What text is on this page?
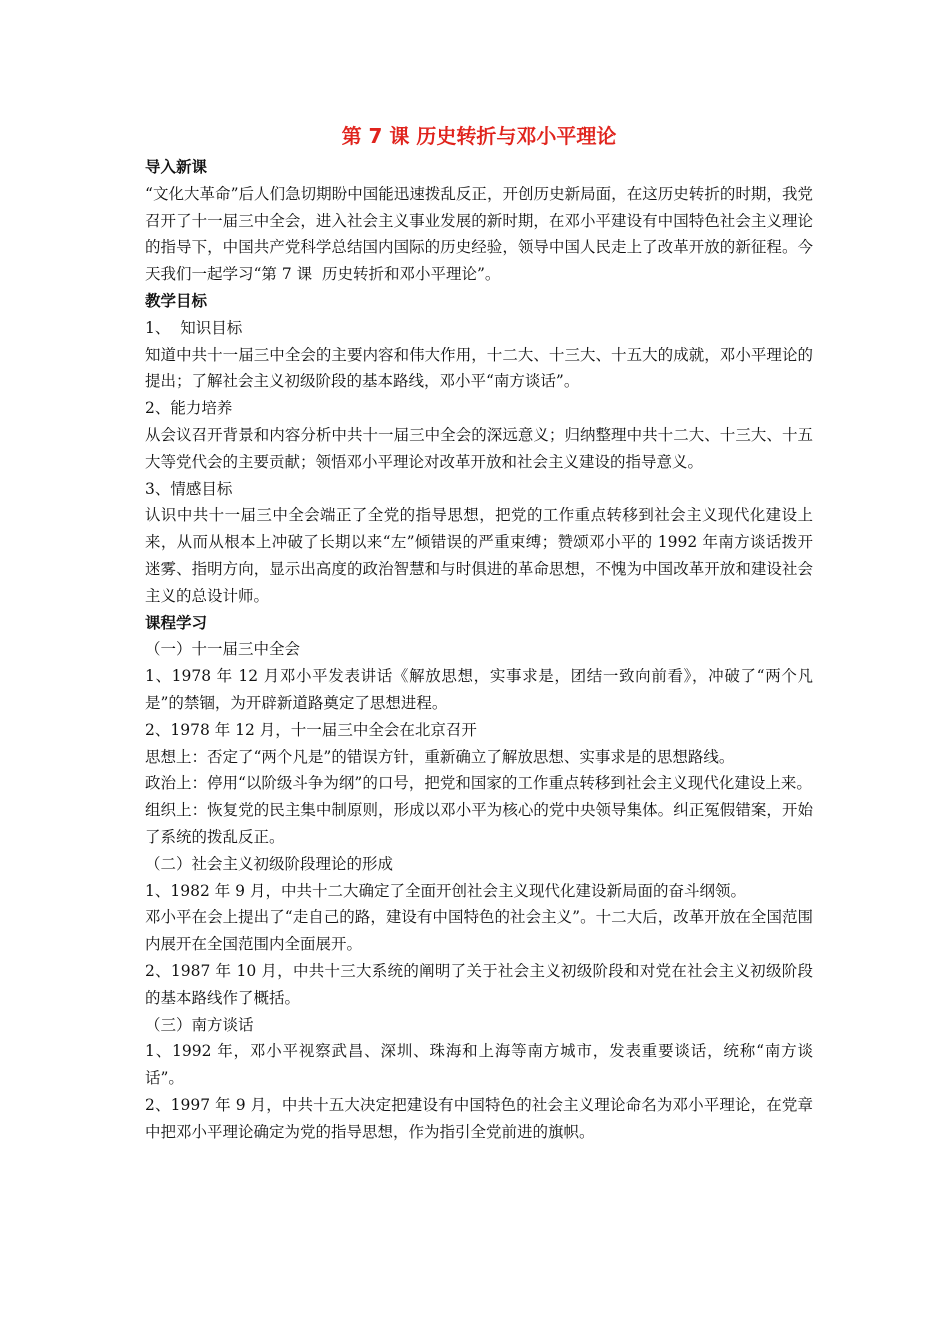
第 7 课 历史转折与邓小平理论
导入新课

“文化大革命”后人们急切期盼中国能迅速拨乱反正，开创历史新局面，在这历史转折的时期，我党召开了十一届三中全会，进入社会主义事业发展的新时期，在邓小平建设有中国特色社会主义理论的指导下，中国共产党科学总结国内国际的历史经验，领导中国人民走上了改革开放的新征程。今天我们一起学习“第 7 课  历史转折和邓小平理论”。

教学目标

1、  知识目标

知道中共十一届三中全会的主要内容和伟大作用，十二大、十三大、十五大的成就，邓小平理论的提出；了解社会主义初级阶段的基本路线，邓小平“南方谈话”。

2、能力培养

从会议召开背景和内容分析中共十一届三中全会的深远意义；归纳整理中共十二大、十三大、十五大等党代会的主要贡献；领悟邓小平理论对改革开放和社会主义建设的指导意义。

3、情感目标

认识中共十一届三中全会端正了全党的指导思想，把党的工作重点转移到社会主义现代化建设上来，从而从根本上冲破了长期以来“左”倾错误的严重束缚；赞颂邓小平的 1992 年南方谈话拨开迷雾、指明方向，显示出高度的政治智慧和与时俱进的革命思想，不愧为中国改革开放和建设社会主义的总设计师。

课程学习

（一）十一届三中全会

1、1978 年 12 月邓小平发表讲话《解放思想，实事求是，团结一致向前看》，冲破了“两个凡是”的禁锢，为开辟新道路奠定了思想进程。

2、1978 年 12 月，十一届三中全会在北京召开

思想上：否定了“两个凡是”的错误方针，重新确立了解放思想、实事求是的思想路线。

政治上：停用“以阶级斗争为纲”的口号，把党和国家的工作重点转移到社会主义现代化建设上来。

组织上：恢复党的民主集中制原则，形成以邓小平为核心的党中央领导集体。纠正冤假错案，开始了系统的拨乱反正。

（二）社会主义初级阶段理论的形成

1、1982 年 9 月，中共十二大确定了全面开创社会主义现代化建设新局面的奋斗纲领。

邓小平在会上提出了“走自己的路，建设有中国特色的社会主义”。十二大后，改革开放在全国范围内展开在全国范围内全面展开。

2、1987 年 10 月，中共十三大系统的阐明了关于社会主义初级阶段和对党在社会主义初级阶段的基本路线作了概括。

（三）南方谈话

1、1992 年，邓小平视察武昌、深圳、珠海和上海等南方城市，发表重要谈话，统称“南方谈话”。

2、1997 年 9 月，中共十五大决定把建设有中国特色的社会主义理论命名为邓小平理论，在党章中把邓小平理论确定为党的指导思想，作为指引全党前进的旗帜。
